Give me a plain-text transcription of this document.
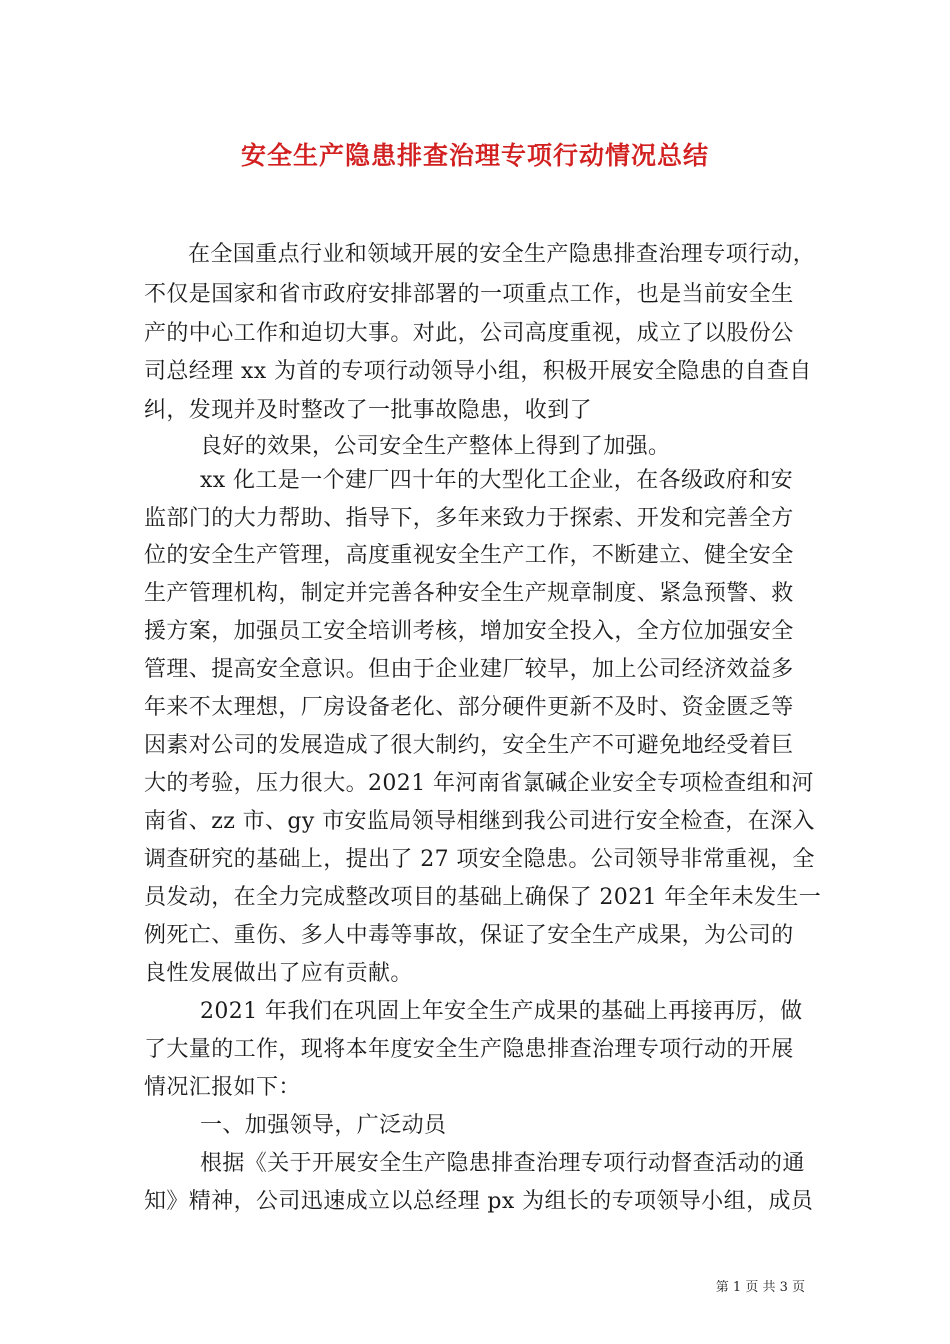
安全生产隐患排查治理专项行动情况总结
在全国重点行业和领域开展的安全生产隐患排查治理专项行动，
不仅是国家和省市政府安排部署的一项重点工作，也是当前安全生
产的中心工作和迫切大事。对此，公司高度重视，成立了以股份公
司总经理 xx 为首的专项行动领导小组，积极开展安全隐患的自查自
纠，发现并及时整改了一批事故隐患，收到了
良好的效果，公司安全生产整体上得到了加强。
xx 化工是一个建厂四十年的大型化工企业，在各级政府和安
监部门的大力帮助、指导下，多年来致力于探索、开发和完善全方
位的安全生产管理，高度重视安全生产工作，不断建立、健全安全
生产管理机构，制定并完善各种安全生产规章制度、紧急预警、救
援方案，加强员工安全培训考核，增加安全投入，全方位加强安全
管理、提高安全意识。但由于企业建厂较早，加上公司经济效益多
年来不太理想，厂房设备老化、部分硬件更新不及时、资金匮乏等
因素对公司的发展造成了很大制约，安全生产不可避免地经受着巨
大的考验，压力很大。2021 年河南省氯碱企业安全专项检查组和河
南省、zz 市、gy 市安监局领导相继到我公司进行安全检查，在深入
调查研究的基础上，提出了 27 项安全隐患。公司领导非常重视，全
员发动，在全力完成整改项目的基础上确保了 2021 年全年未发生一
例死亡、重伤、多人中毒等事故，保证了安全生产成果，为公司的
良性发展做出了应有贡献。
2021 年我们在巩固上年安全生产成果的基础上再接再厉，做
了大量的工作，现将本年度安全生产隐患排查治理专项行动的开展
情况汇报如下：
一、加强领导，广泛动员
根据《关于开展安全生产隐患排查治理专项行动督查活动的通
知》精神，公司迅速成立以总经理 px 为组长的专项领导小组，成员
第 1 页 共 3 页
